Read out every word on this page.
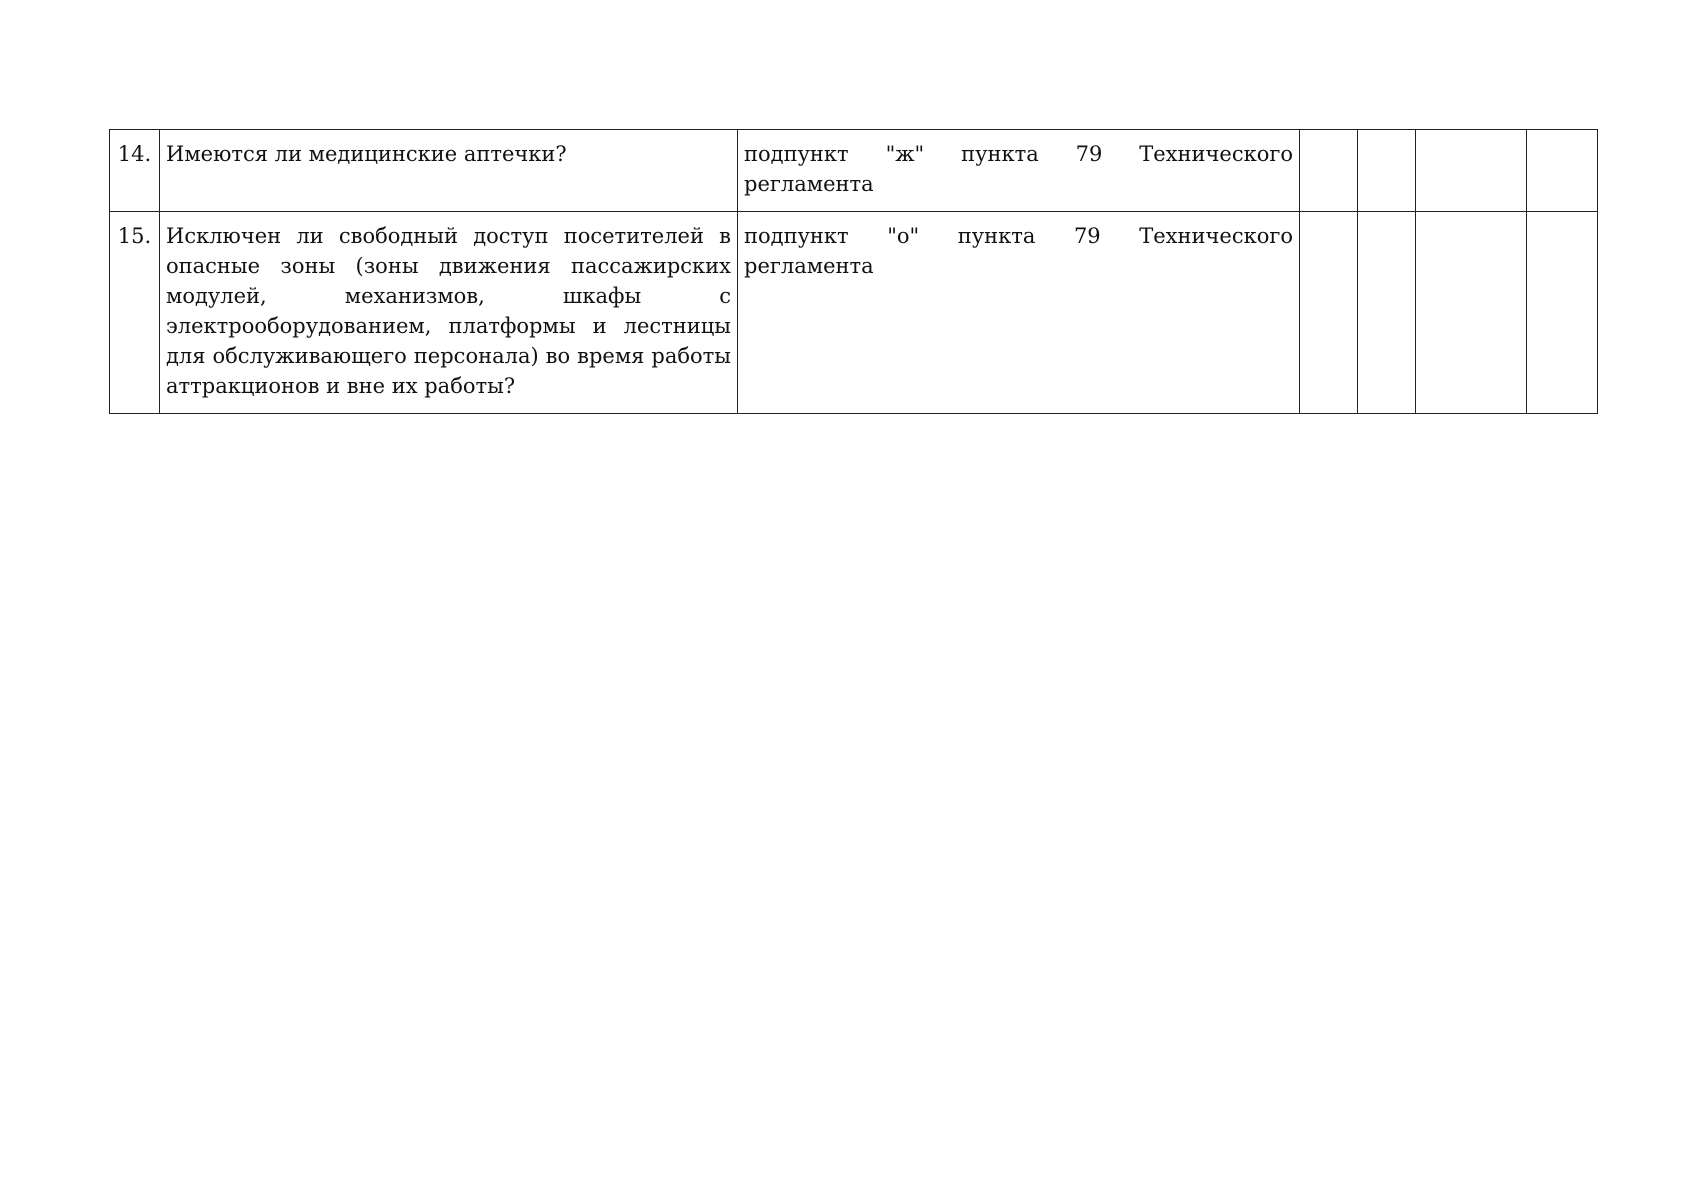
14.	Имеются ли медицинские аптечки?	подпункт "ж" пункта 79 Технического
регламента				

15.	Исключен ли свободный доступ посетителей в опасные зоны (зоны движения пассажирских модулей, механизмов, шкафы с электрооборудованием, платформы и лестницы для обслуживающего персонала) во время работы аттракционов и вне их работы?	подпункт "о" пункта 79 Технического
регламента				
